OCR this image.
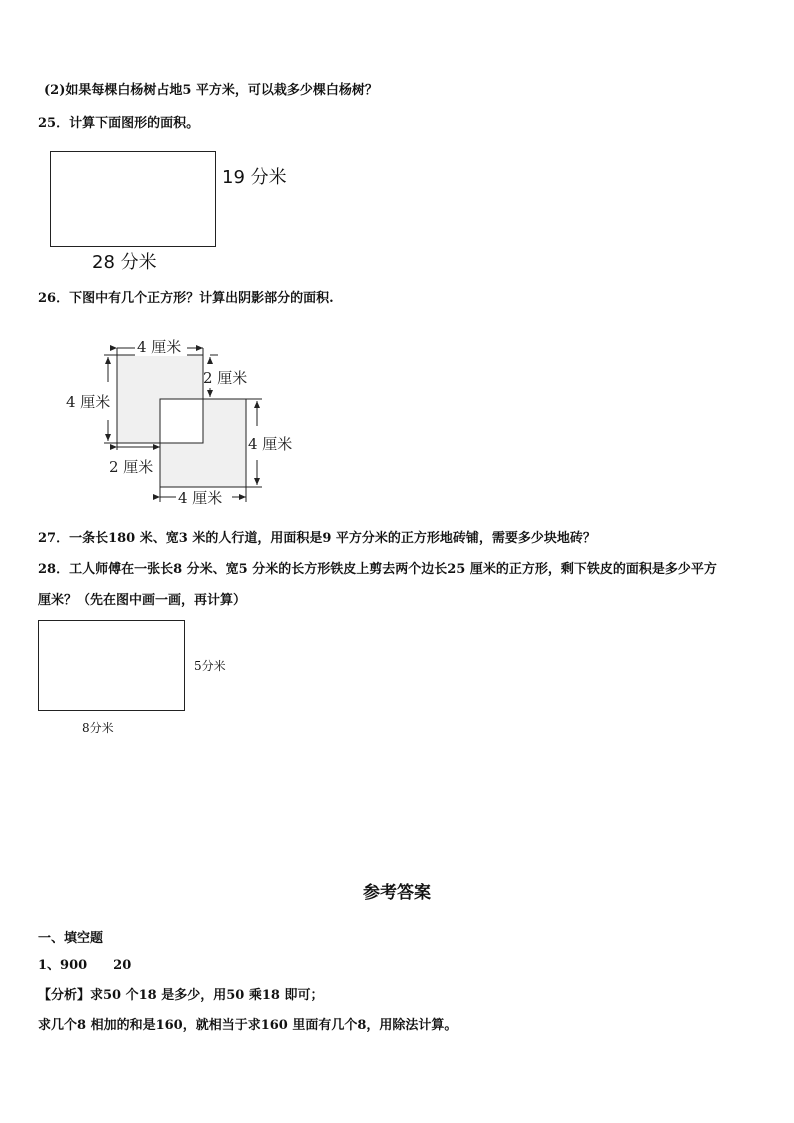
(2)如果每棵白杨树占地5 平方米，可以栽多少棵白杨树？
25．计算下面图形的面积。
19 分米
28 分米
26．下图中有几个正方形？计算出阴影部分的面积.
4 厘米
4 厘米
2 厘米
4 厘米
2 厘米
4 厘米
27．一条长180 米、宽3 米的人行道，用面积是9 平方分米的正方形地砖铺，需要多少块地砖？
28．工人师傅在一张长8 分米、宽5 分米的长方形铁皮上剪去两个边长25 厘米的正方形，剩下铁皮的面积是多少平方
厘米？（先在图中画一画，再计算）
5分米
8分米
参考答案
一、填空题
1、900　　20
【分析】求50 个18 是多少，用50 乘18 即可；
求几个8 相加的和是160，就相当于求160 里面有几个8，用除法计算。
